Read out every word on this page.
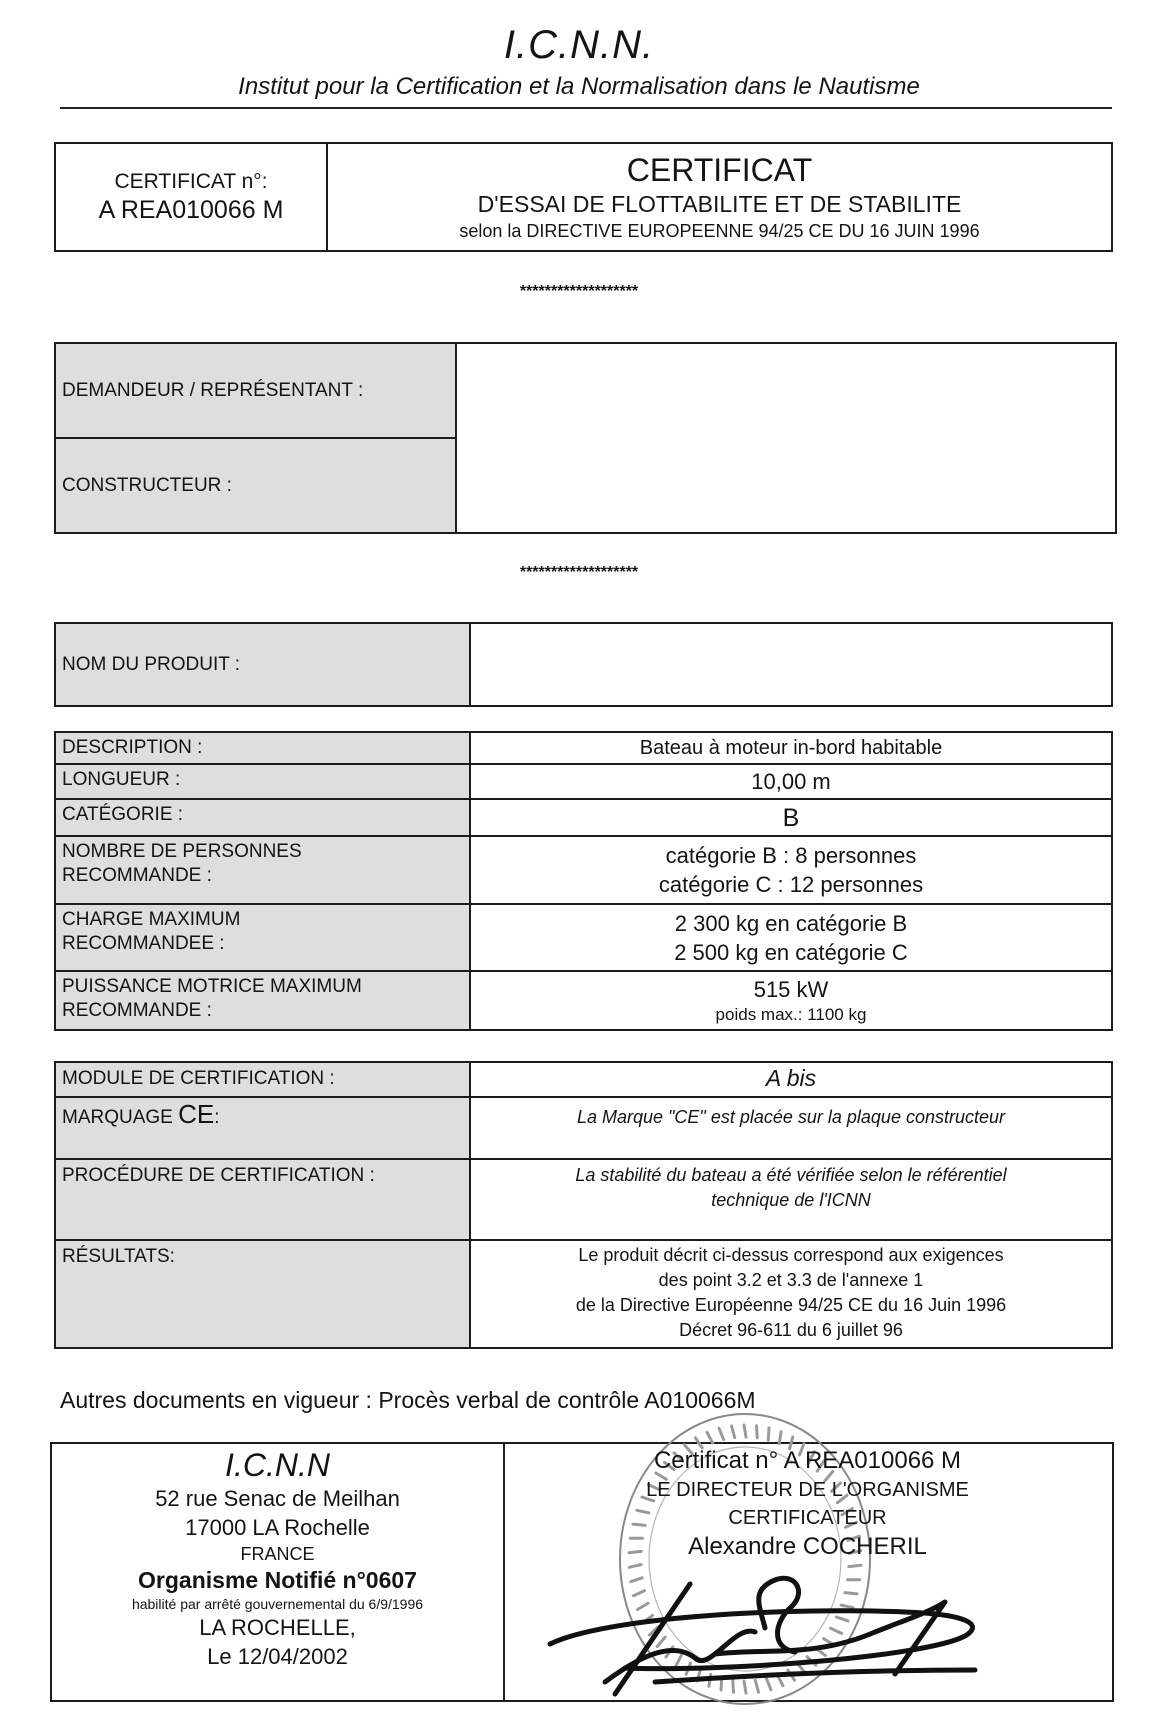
I.C.N.N.
Institut pour la Certification et la Normalisation dans le Nautisme
CERTIFICAT n°:
A REA010066 M

CERTIFICAT
D'ESSAI DE FLOTTABILITE ET DE STABILITE
selon la DIRECTIVE EUROPEENNE 94/25 CE DU 16 JUIN 1996
*******************
DEMANDEUR / REPRÉSENTANT :	
CONSTRUCTEUR :	
*******************
NOM DU PRODUIT :	
DESCRIPTION :	Bateau à moteur in-bord habitable

LONGUEUR :	10,00 m

CATÉGORIE :	B

NOMBRE DE PERSONNES
RECOMMANDE :	catégorie B : 8 personnes
catégorie C : 12 personnes

CHARGE MAXIMUM
RECOMMANDEE :	2 300 kg en catégorie B
2 500 kg en catégorie C

PUISSANCE MOTRICE MAXIMUM
RECOMMANDE :	515 kW
poids max.: 1100 kg
MODULE DE CERTIFICATION :	A bis
MARQUAGE CE:	La Marque "CE" est placée sur la plaque constructeur
PROCÉDURE DE CERTIFICATION :	La stabilité du bateau a été vérifiée selon le référentiel
technique de l'ICNN

RÉSULTATS:	Le produit décrit ci-dessus correspond aux exigences
des point 3.2 et 3.3 de l'annexe 1
de la Directive Européenne 94/25 CE du 16 Juin 1996
Décret 96-611 du 6 juillet 96
Autres documents en vigueur : Procès verbal de contrôle A010066M
I.C.N.N
52 rue Senac de Meilhan
17000 LA Rochelle
FRANCE
Organisme Notifié n°0607
habilité par arrêté gouvernemental du 6/9/1996
LA ROCHELLE,
Le 12/04/2002

Certificat n° A REA010066 M
LE DIRECTEUR DE L'ORGANISME
CERTIFICATEUR
Alexandre COCHERIL
